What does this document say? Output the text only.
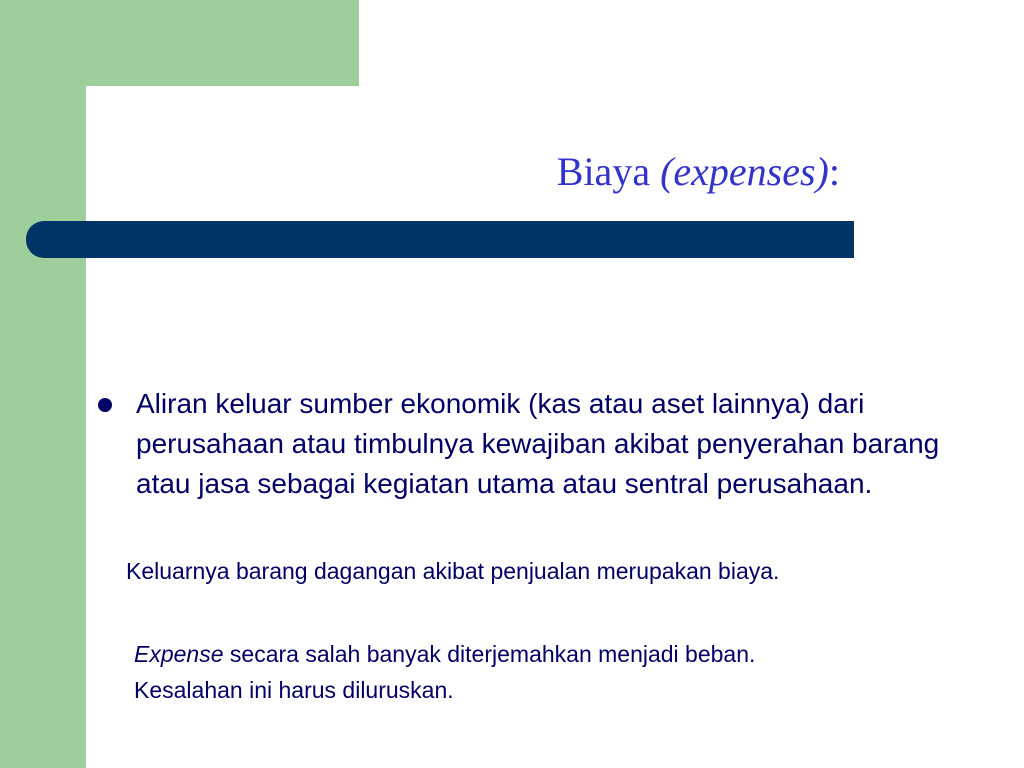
Biaya (expenses):
Aliran keluar sumber ekonomik (kas atau aset lainnya) dari perusahaan atau timbulnya kewajiban akibat penyerahan barang atau jasa sebagai kegiatan utama atau sentral perusahaan.
Keluarnya barang dagangan akibat penjualan merupakan biaya.
Expense secara salah banyak diterjemahkan menjadi beban.
Kesalahan ini harus diluruskan.
